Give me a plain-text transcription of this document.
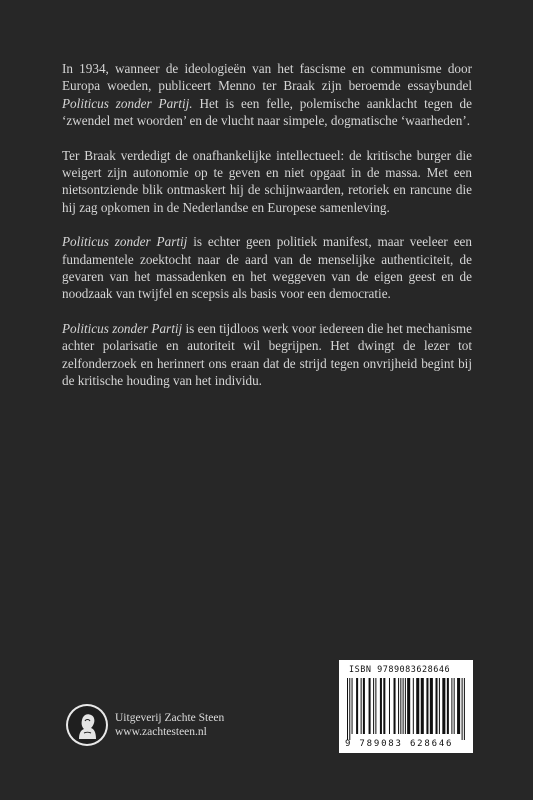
In 1934, wanneer de ideologieën van het fascisme en communisme door Europa woeden, publiceert Menno ter Braak zijn beroemde essaybundel Politicus zonder Partij. Het is een felle, polemische aanklacht tegen de ‘zwendel met woorden’ en de vlucht naar simpele, dogmatische ‘waarheden’.

Ter Braak verdedigt de onafhankelijke intellectueel: de kritische burger die weigert zijn autonomie op te geven en niet opgaat in de massa. Met een nietsontziende blik ontmaskert hij de schijnwaarden, retoriek en rancune die hij zag opkomen in de Nederlandse en Europese samenleving.

Politicus zonder Partij is echter geen politiek manifest, maar veeleer een fundamentele zoektocht naar de aard van de menselijke authenticiteit, de gevaren van het massadenken en het weggeven van de eigen geest en de noodzaak van twijfel en scepsis als basis voor een democratie.

Politicus zonder Partij is een tijdloos werk voor iedereen die het mechanisme achter polarisatie en autoriteit wil begrijpen. Het dwingt de lezer tot zelfonderzoek en herinnert ons eraan dat de strijd tegen onvrijheid begint bij de kritische houding van het individu.

ISBN 9789083628646
9 789083 628646
Uitgeverij Zachte Steen
www.zachtesteen.nl
